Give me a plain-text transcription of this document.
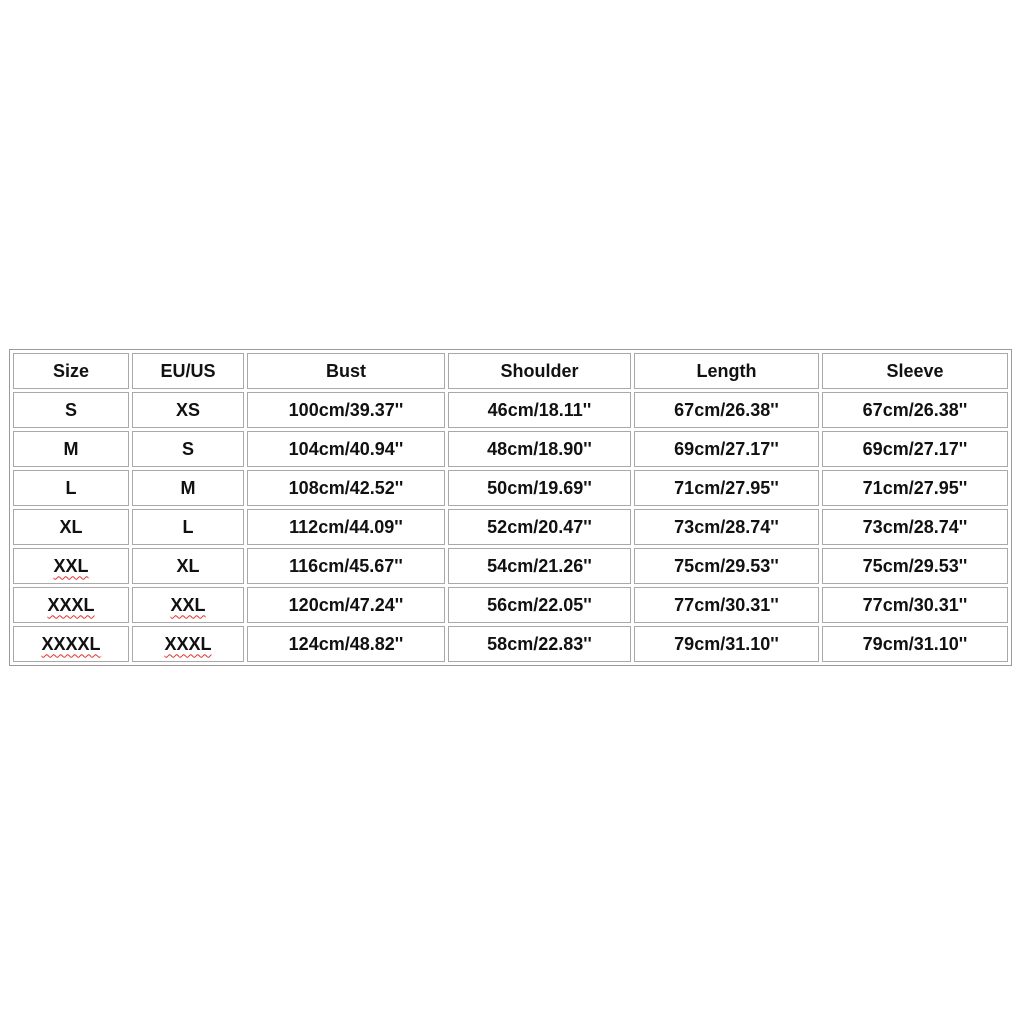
Size	EU/US	Bust	Shoulder	Length	Sleeve
S	XS	100cm/39.37''	46cm/18.11''	67cm/26.38''	67cm/26.38''
M	S	104cm/40.94''	48cm/18.90''	69cm/27.17''	69cm/27.17''
L	M	108cm/42.52''	50cm/19.69''	71cm/27.95''	71cm/27.95''
XL	L	112cm/44.09''	52cm/20.47''	73cm/28.74''	73cm/28.74''
XXL	XL	116cm/45.67''	54cm/21.26''	75cm/29.53''	75cm/29.53''
XXXL	XXL	120cm/47.24''	56cm/22.05''	77cm/30.31''	77cm/30.31''
XXXXL	XXXL	124cm/48.82''	58cm/22.83''	79cm/31.10''	79cm/31.10''
